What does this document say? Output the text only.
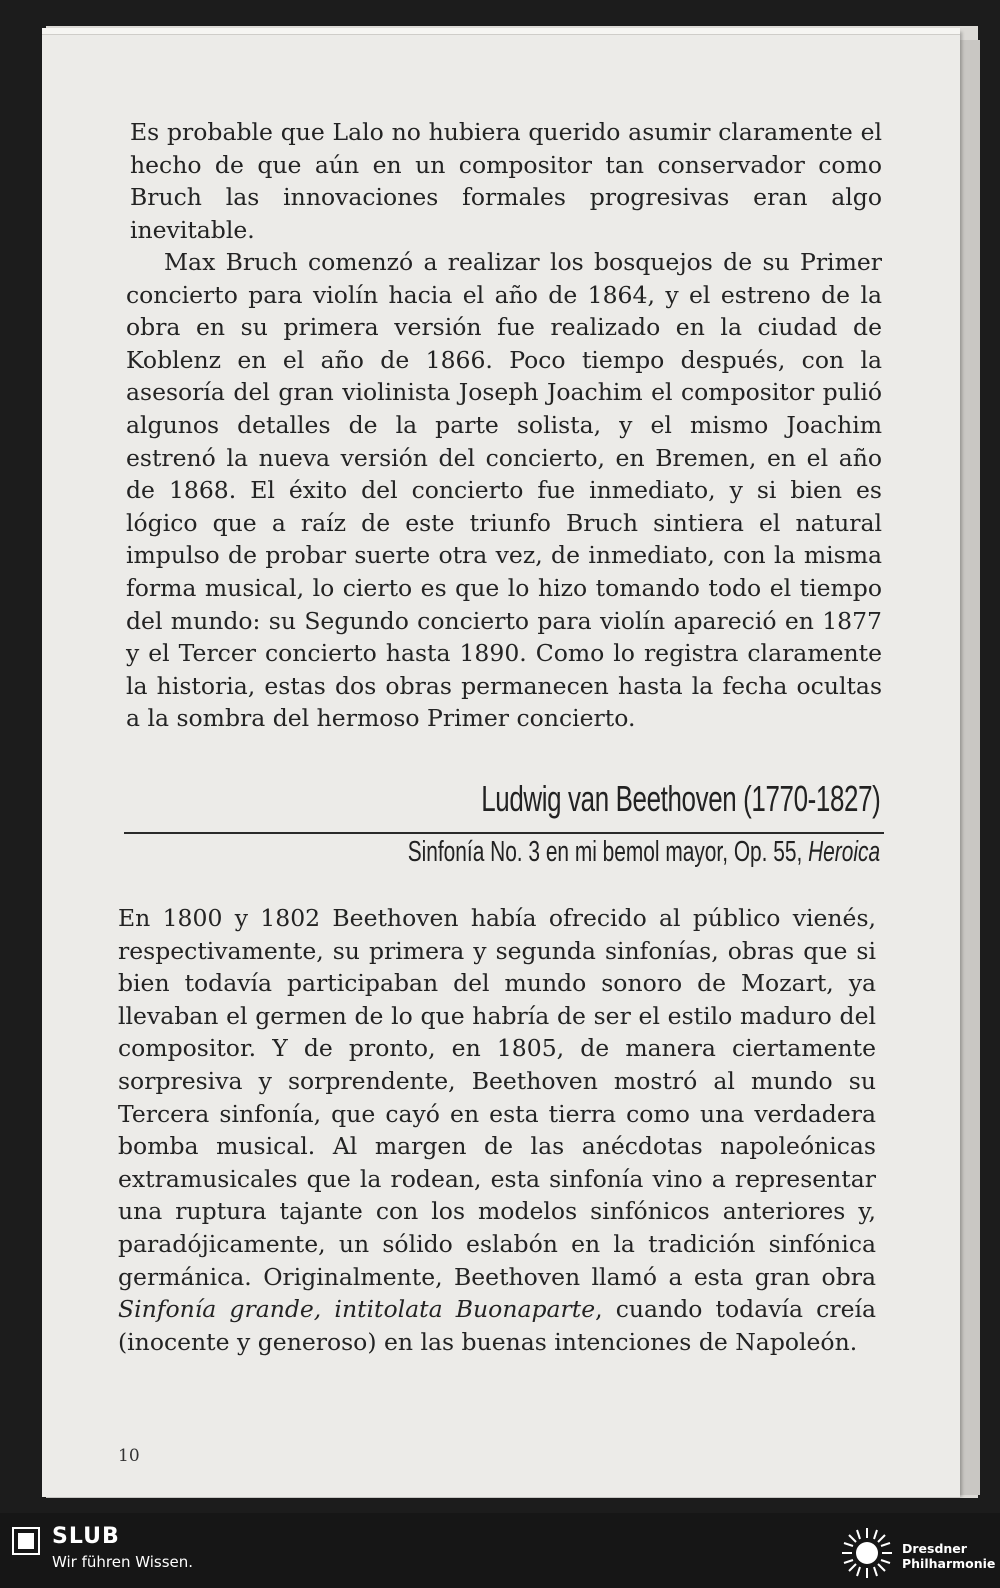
Es probable que Lalo no hubiera querido asumir claramente el hecho de que aún en un compositor tan conservador como Bruch las innovaciones formales progresivas eran algo inevitable.

Max Bruch comenzó a realizar los bosquejos de su Primer concierto para violín hacia el año de 1864, y el estreno de la obra en su primera versión fue realizado en la ciudad de Koblenz en el año de 1866. Poco tiempo después, con la asesoría del gran violinista Joseph Joachim el compositor pulió algunos detalles de la parte solista, y el mismo Joachim estrenó la nueva versión del concierto, en Bremen, en el año de 1868. El éxito del concierto fue inmediato, y si bien es lógico que a raíz de este triunfo Bruch sintiera el natural impulso de probar suerte otra vez, de inmediato, con la misma forma musical, lo cierto es que lo hizo tomando todo el tiempo del mundo: su Segundo concierto para violín apareció en 1877 y el Tercer concierto hasta 1890. Como lo registra claramente la historia, estas dos obras permanecen hasta la fecha ocultas a la sombra del hermoso Primer concierto.

Ludwig van Beethoven (1770-1827)
Sinfonía No. 3 en mi bemol mayor, Op. 55, Heroica

En 1800 y 1802 Beethoven había ofrecido al público vienés, respectivamente, su primera y segunda sinfonías, obras que si bien todavía participaban del mundo sonoro de Mozart, ya llevaban el germen de lo que habría de ser el estilo maduro del compositor. Y de pronto, en 1805, de manera ciertamente sorpresiva y sorprendente, Beethoven mostró al mundo su Tercera sinfonía, que cayó en esta tierra como una verdadera bomba musical. Al margen de las anécdotas napoleónicas extramusicales que la rodean, esta sinfonía vino a representar una ruptura tajante con los modelos sinfónicos anteriores y, paradójicamente, un sólido eslabón en la tradición sinfónica germánica. Originalmente, Beethoven llamó a esta gran obra Sinfonía grande, intitolata Buonaparte, cuando todavía creía (inocente y generoso) en las buenas intenciones de Napoleón.

10
SLUB
Wir führen Wissen.
Dresdner
Philharmonie
